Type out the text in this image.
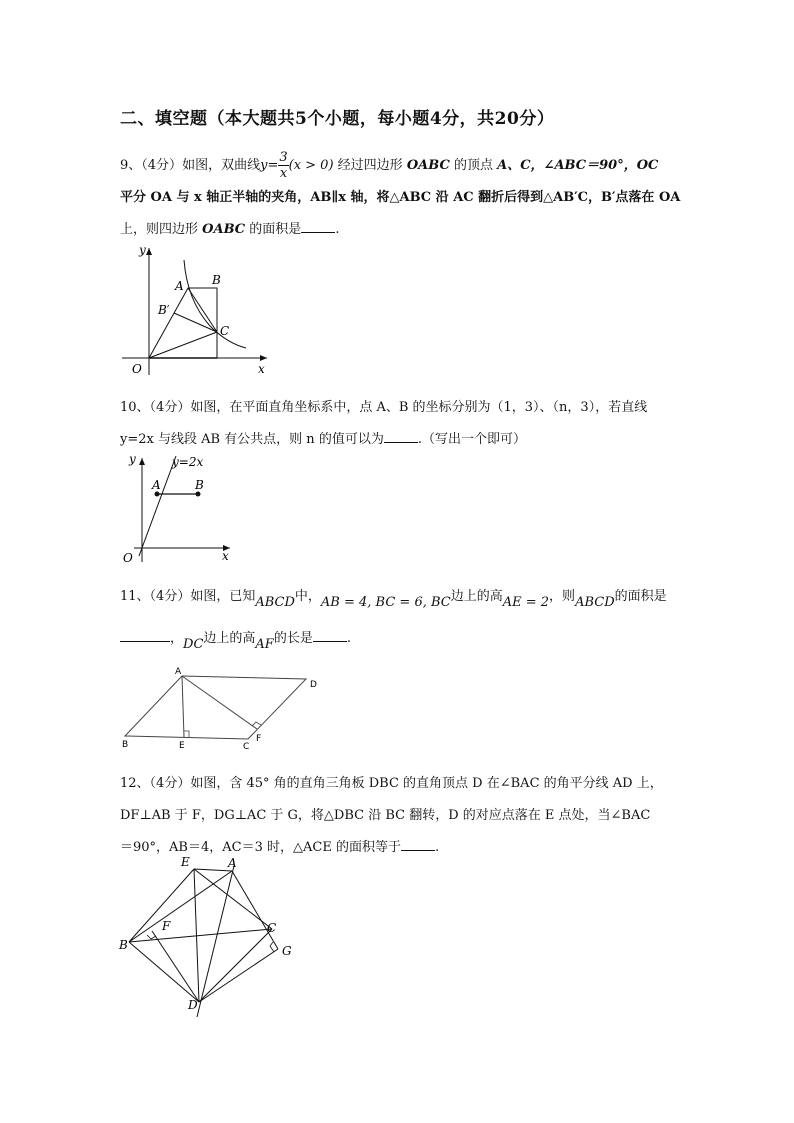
二、填空题（本大题共5个小题，每小题4分，共20分）
9、（4分）如图，双曲线$y= \frac{3}{x} (x > 0)$ 经过四边形 OABC 的顶点 A、C，∠ABC＝90°，OC
平分 OA 与 x 轴正半轴的夹角，AB∥x 轴，将△ABC 沿 AC 翻折后得到△AB′C，B′点落在 OA
上，则四边形 OABC 的面积是	.
y
x
O
A B
B′
C
10、（4分）如图，在平面直角坐标系中，点 A、B 的坐标分别为（1，3）、（n，3），若直线
y=2x 与线段 AB 有公共点，则 n 的值可以为	.（写出一个即可）
y
x
O
y=2x
A	B
11、（4分）如图，已知ABCD中，AB = 4, BC = 6, BC边上的高AE = 2，则ABCD的面积是
，DC边上的高AF的长是	.
A
B	C
D
E
F
12、（4分）如图，含 45° 角的直角三角板 DBC 的直角顶点 D 在∠BAC 的角平分线 AD 上，
DF⊥AB 于 F，DG⊥AC 于 G，将△DBC 沿 BC 翻转，D 的对应点落在 E 点处，当∠BAC
＝90°，AB＝4，AC＝3 时，△ACE 的面积等于	.
E	A
B
C
D
F
G
